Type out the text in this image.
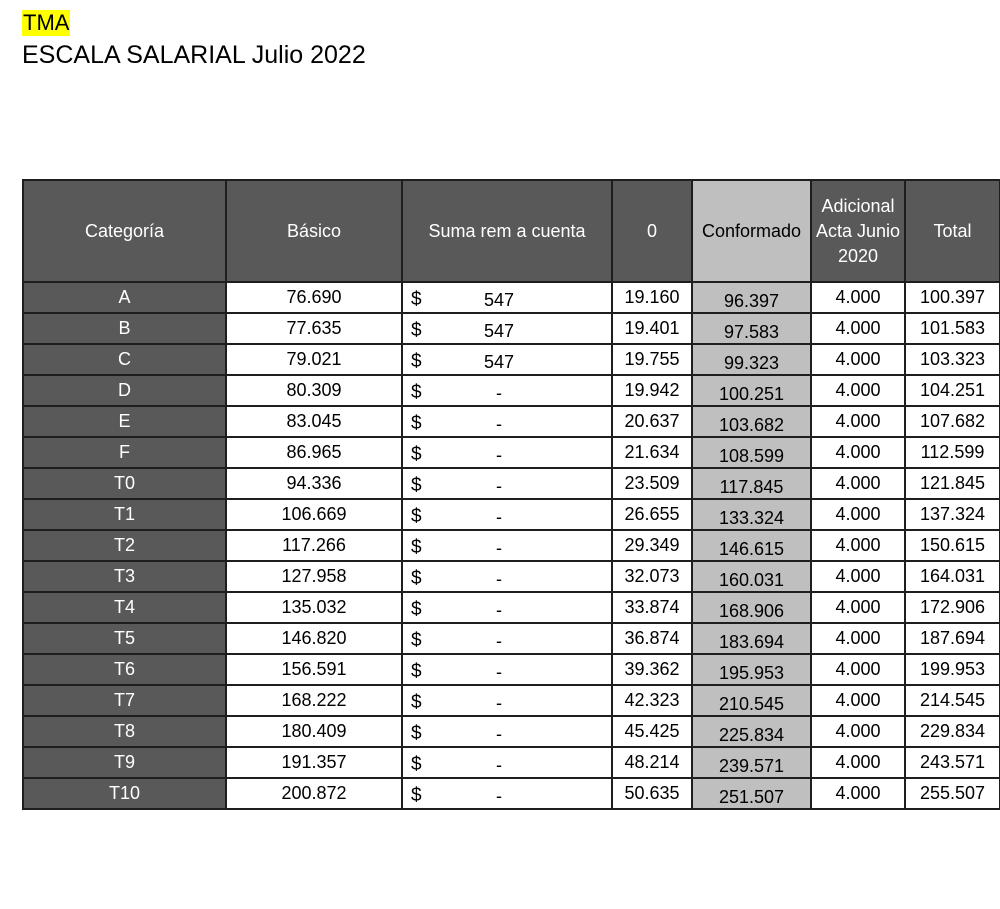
TMA
ESCALA SALARIAL Julio 2022
Categoría	Básico	Suma rem a cuenta	0	Conformado	Adicional Acta Junio 2020	Total
A	76.690	$ 547	19.160	96.397	4.000	100.397
B	77.635	$ 547	19.401	97.583	4.000	101.583
C	79.021	$ 547	19.755	99.323	4.000	103.323
D	80.309	$ -	19.942	100.251	4.000	104.251
E	83.045	$ -	20.637	103.682	4.000	107.682
F	86.965	$ -	21.634	108.599	4.000	112.599
T0	94.336	$ -	23.509	117.845	4.000	121.845
T1	106.669	$ -	26.655	133.324	4.000	137.324
T2	117.266	$ -	29.349	146.615	4.000	150.615
T3	127.958	$ -	32.073	160.031	4.000	164.031
T4	135.032	$ -	33.874	168.906	4.000	172.906
T5	146.820	$ -	36.874	183.694	4.000	187.694
T6	156.591	$ -	39.362	195.953	4.000	199.953
T7	168.222	$ -	42.323	210.545	4.000	214.545
T8	180.409	$ -	45.425	225.834	4.000	229.834
T9	191.357	$ -	48.214	239.571	4.000	243.571
T10	200.872	$ -	50.635	251.507	4.000	255.507
